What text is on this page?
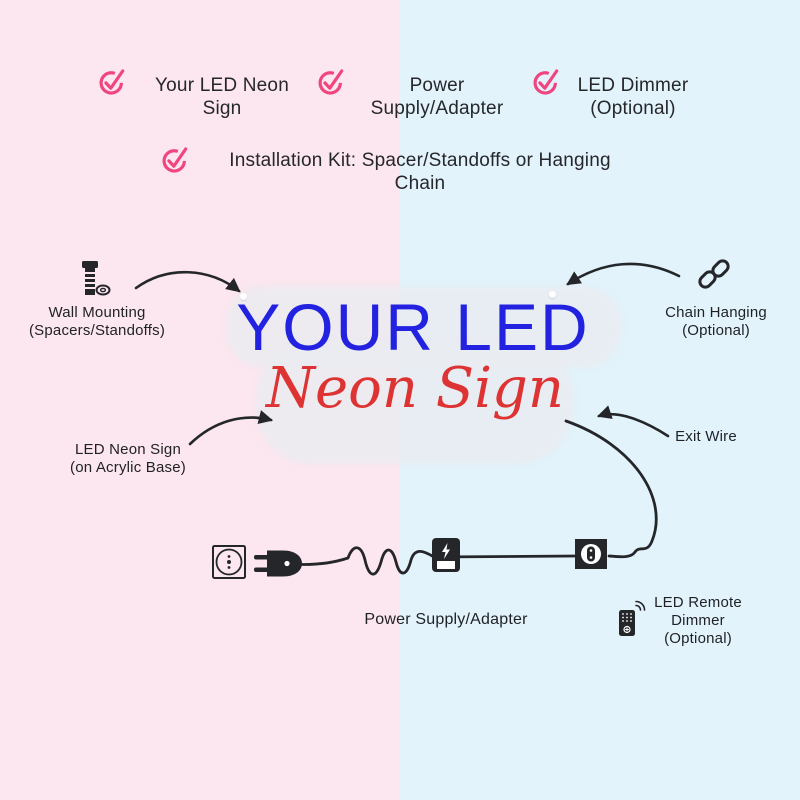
YOUR LED
Neon Sign
Your LED Neon
Sign
Power
Supply/Adapter
LED Dimmer
(Optional)
Installation Kit: Spacer/Standoffs or Hanging
Chain
Wall Mounting
(Spacers/Standoffs)
Chain Hanging
(Optional)
LED Neon Sign
(on Acrylic Base)
Exit Wire
Power Supply/Adapter
LED Remote
Dimmer
(Optional)
